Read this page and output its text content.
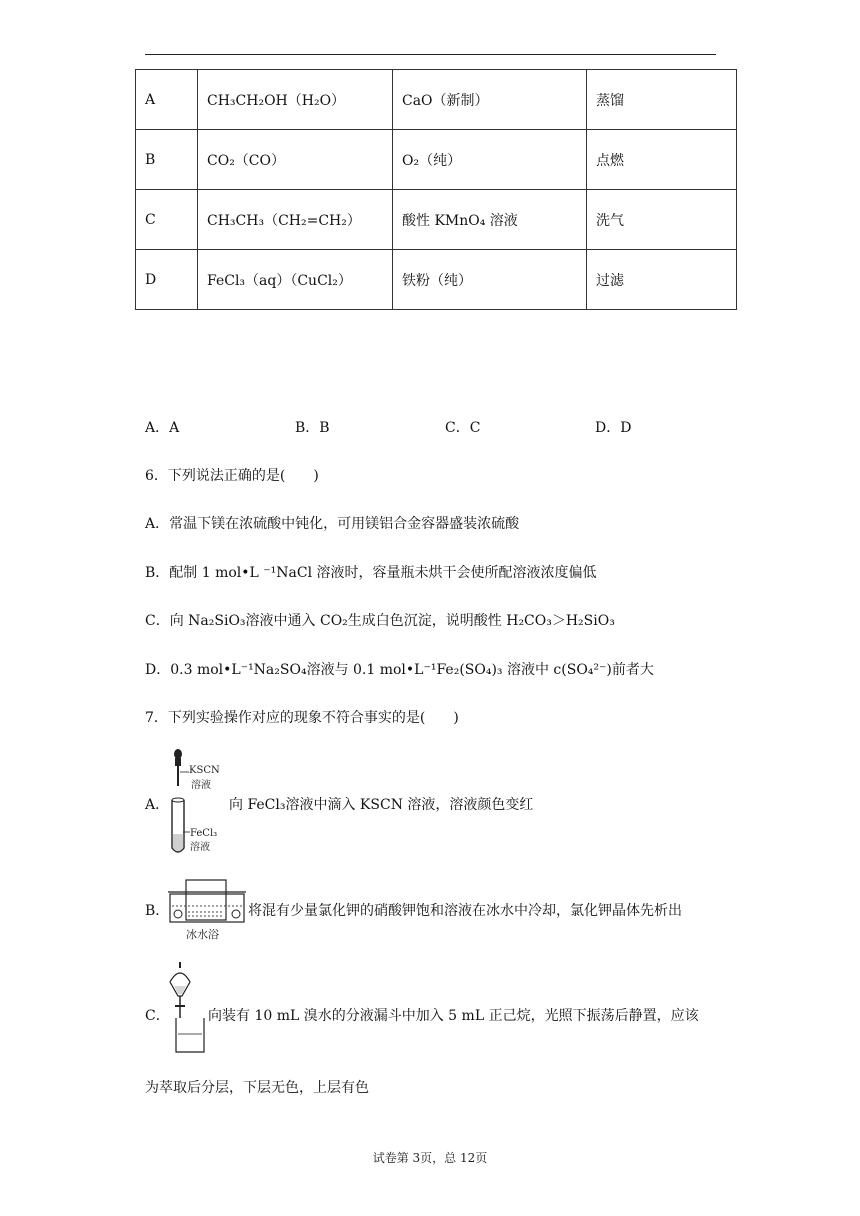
A	CH₃CH₂OH（H₂O）	CaO（新制）	蒸馏
B	CO₂（CO）	O₂（纯）	点燃
C	CH₃CH₃（CH₂=CH₂）	酸性 KMnO₄ 溶液	洗气
D	FeCl₃（aq）（CuCl₂）	铁粉（纯）	过滤
A．A	B．B	C．C	D．D
6．下列说法正确的是(　　)
A．常温下镁在浓硫酸中钝化，可用镁铝合金容器盛装浓硫酸
B．配制 1 mol•L ⁻¹NaCl 溶液时，容量瓶未烘干会使所配溶液浓度偏低
C．向 Na₂SiO₃溶液中通入 CO₂生成白色沉淀，说明酸性 H₂CO₃＞H₂SiO₃
D．0.3 mol•L⁻¹Na₂SO₄溶液与 0.1 mol•L⁻¹Fe₂(SO₄)₃ 溶液中 c(SO₄²⁻)前者大
7．下列实验操作对应的现象不符合事实的是(　　)
A．
KSCN
溶液
FeCl₃
溶液
向 FeCl₃溶液中滴入 KSCN 溶液，溶液颜色变红
B．
冰水浴
将混有少量氯化钾的硝酸钾饱和溶液在冰水中冷却，氯化钾晶体先析出
C．	向装有 10 mL 溴水的分液漏斗中加入 5 mL 正己烷，光照下振荡后静置，应该
为萃取后分层，下层无色，上层有色
试卷第 3页，总 12页
